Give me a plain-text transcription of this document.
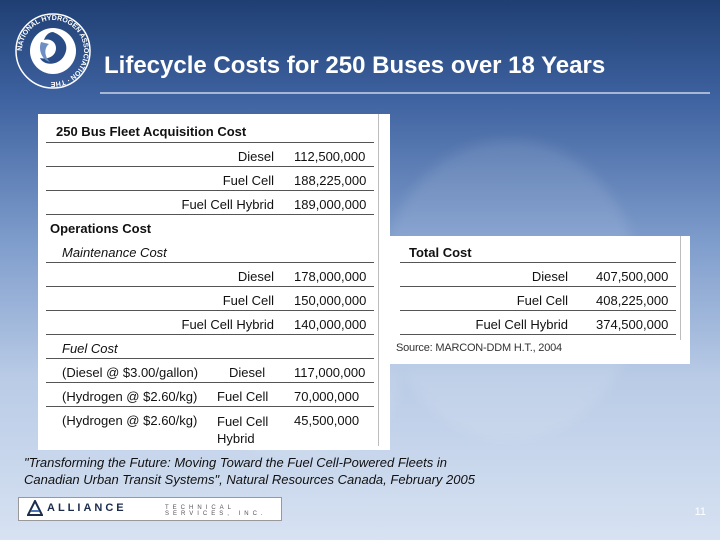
NATIONAL HYDROGEN ASSOCIATION · THE
Lifecycle Costs for 250 Buses over 18 Years
250 Bus Fleet Acquisition Cost
Diesel 112,500,000
Fuel Cell 188,225,000
Fuel Cell Hybrid 189,000,000
Operations Cost
Maintenance Cost
Diesel 178,000,000
Fuel Cell 150,000,000
Fuel Cell Hybrid 140,000,000
Fuel Cost
(Diesel @ $3.00/gallon) Diesel 117,000,000
(Hydrogen @ $2.60/kg) Fuel Cell 70,000,000
(Hydrogen @ $2.60/kg) Fuel Cell Hybrid
45,500,000
Total Cost
Diesel 407,500,000
Fuel Cell 408,225,000
Fuel Cell Hybrid 374,500,000
Source: MARCON-DDM H.T., 2004
"Transforming the Future: Moving Toward the Fuel Cell-Powered Fleets in
Canadian Urban Transit Systems", Natural Resources Canada, February 2005
ALLIANCE	TECHNICAL SERVICES, INC.	11
